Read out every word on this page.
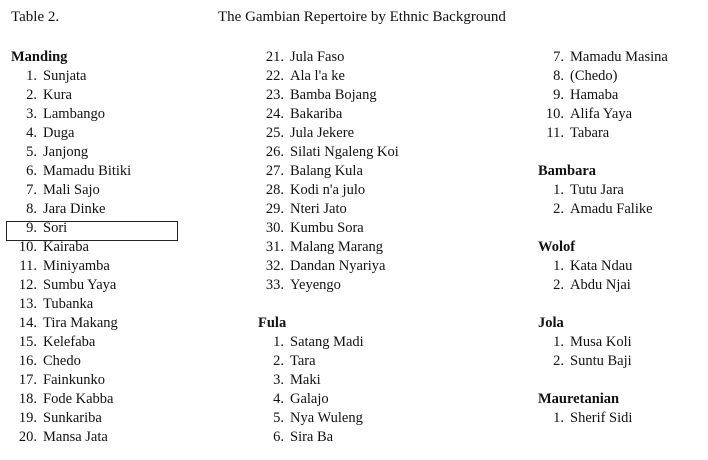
Table 2.	The Gambian Repertoire by Ethnic Background
Manding
1. Sunjata
2. Kura
3. Lambango
4. Duga
5. Janjong
6. Mamadu Bitiki
7. Mali Sajo
8. Jara Dinke
9. Sori
10. Kairaba
11. Miniyamba
12. Sumbu Yaya
13. Tubanka
14. Tira Makang
15. Kelefaba
16. Chedo
17. Fainkunko
18. Fode Kabba
19. Sunkariba
20. Mansa Jata
21. Jula Faso
22. Ala l'a ke
23. Bamba Bojang
24. Bakariba
25. Jula Jekere
26. Silati Ngaleng Koi
27. Balang Kula
28. Kodi n'a julo
29. Nteri Jato
30. Kumbu Sora
31. Malang Marang
32. Dandan Nyariya
33. Yeyengo
Fula
1. Satang Madi
2. Tara
3. Maki
4. Galajo
5. Nya Wuleng
6. Sira Ba
7. Mamadu Masina
8. (Chedo)
9. Hamaba
10. Alifa Yaya
11. Tabara
Bambara
1. Tutu Jara
2. Amadu Falike
Wolof
1. Kata Ndau
2. Abdu Njai
Jola
1. Musa Koli
2. Suntu Baji
Mauretanian
1. Sherif Sidi
